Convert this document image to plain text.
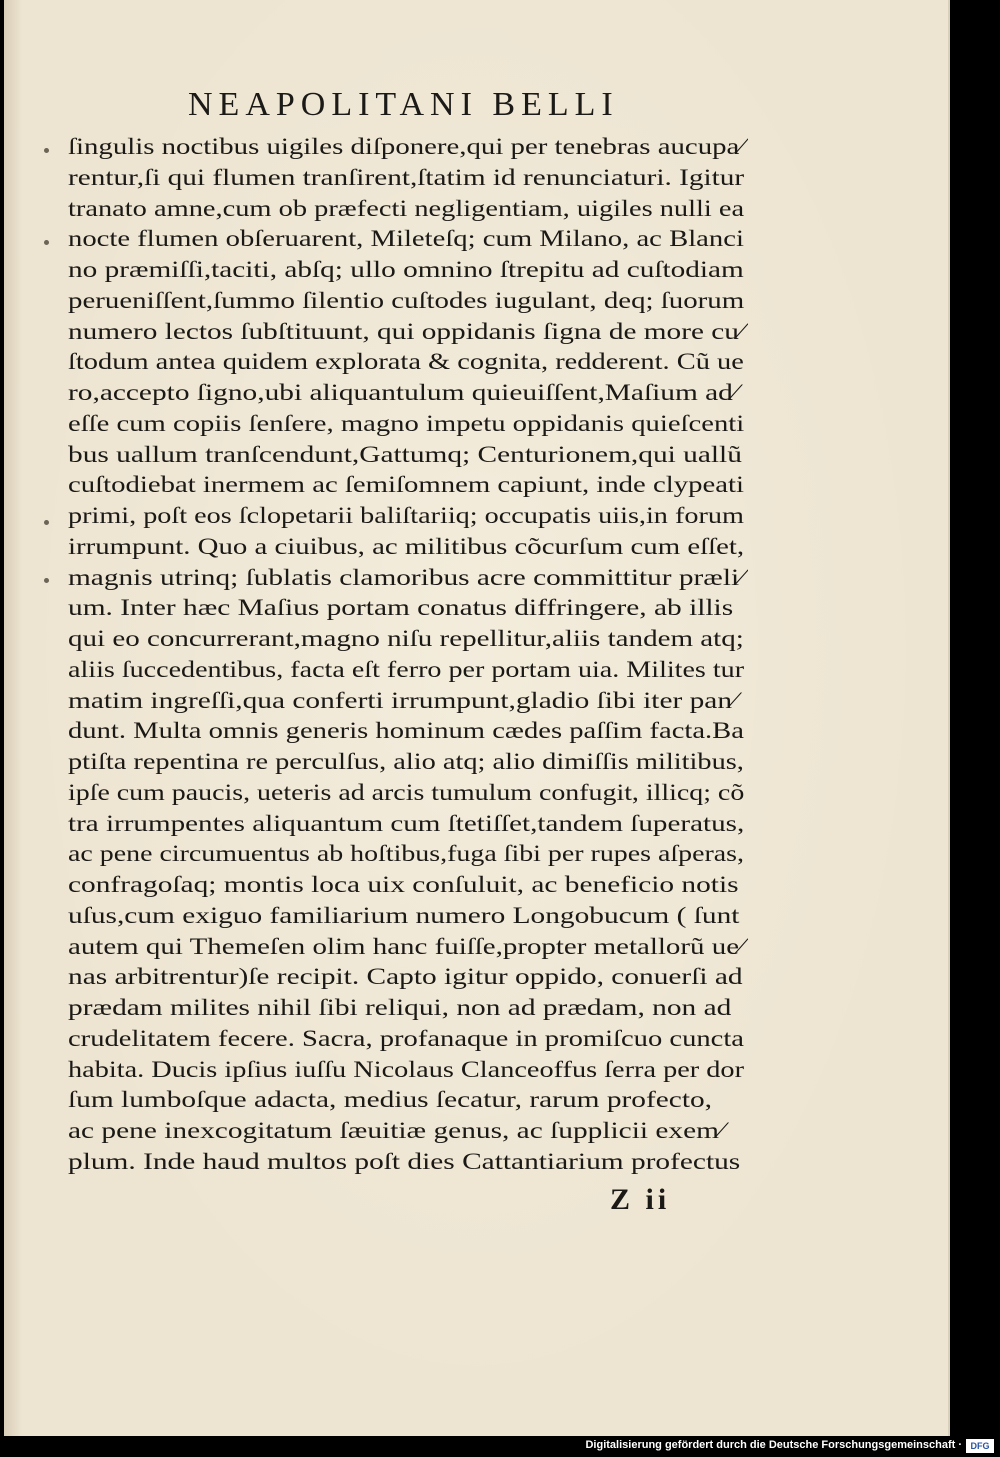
NEAPOLITANI BELLI
ſingulis noctibus uigiles diſponere,qui per tenebras aucupa⁄
rentur,ſi qui flumen tranſirent,ſtatim id renunciaturi. Igitur
tranato amne,cum ob præfecti negligentiam, uigiles nulli ea
nocte flumen obſeruarent, Mileteſq; cum Milano, ac Blanci
no præmiſſi,taciti, abſq; ullo omnino ſtrepitu ad cuſtodiam
perueniſſent,ſummo ſilentio cuſtodes iugulant, deq; ſuorum
numero lectos ſubſtituunt, qui oppidanis ſigna de more cu⁄
ſtodum antea quidem explorata & cognita, redderent. Cũ ue
ro,accepto ſigno,ubi aliquantulum quieuiſſent,Maſium ad⁄
eſſe cum copiis ſenſere, magno impetu oppidanis quieſcenti
bus uallum tranſcendunt,Gattumq; Centurionem,qui uallũ
cuſtodiebat inermem ac ſemiſomnem capiunt, inde clypeati
primi, poſt eos ſclopetarii baliſtariiq; occupatis uiis,in forum
irrumpunt. Quo a ciuibus, ac militibus cõcurſum cum eſſet,
magnis utrinq; ſublatis clamoribus acre committitur præli⁄
um. Inter hæc Maſius portam conatus diffringere, ab illis
qui eo concurrerant,magno niſu repellitur,aliis tandem atq;
aliis ſuccedentibus, facta eſt ferro per portam uia. Milites tur
matim ingreſſi,qua conferti irrumpunt,gladio ſibi iter pan⁄
dunt. Multa omnis generis hominum cædes paſſim facta.Ba
ptiſta repentina re perculſus, alio atq; alio dimiſſis militibus,
ipſe cum paucis, ueteris ad arcis tumulum confugit, illicq; cõ
tra irrumpentes aliquantum cum ſtetiſſet,tandem ſuperatus,
ac pene circumuentus ab hoſtibus,fuga ſibi per rupes aſperas,
confragoſaq; montis loca uix conſuluit, ac beneficio notis
uſus,cum exiguo familiarium numero Longobucum ( ſunt
autem qui Themeſen olim hanc fuiſſe,propter metallorũ ue⁄
nas arbitrentur)ſe recipit. Capto igitur oppido, conuerſi ad
prædam milites nihil ſibi reliqui, non ad prædam, non ad
crudelitatem fecere. Sacra, profanaque in promiſcuo cuncta
habita. Ducis ipſius iuſſu Nicolaus Clanceoffus ſerra per dor
ſum lumboſque adacta, medius ſecatur, rarum profecto,
ac pene inexcogitatum ſæuitiæ genus, ac ſupplicii exem⁄
plum. Inde haud multos poſt dies Cattantiarium profectus
Z ii
Digitalisierung gefördert durch die Deutsche Forschungsgemeinschaft · DFG
